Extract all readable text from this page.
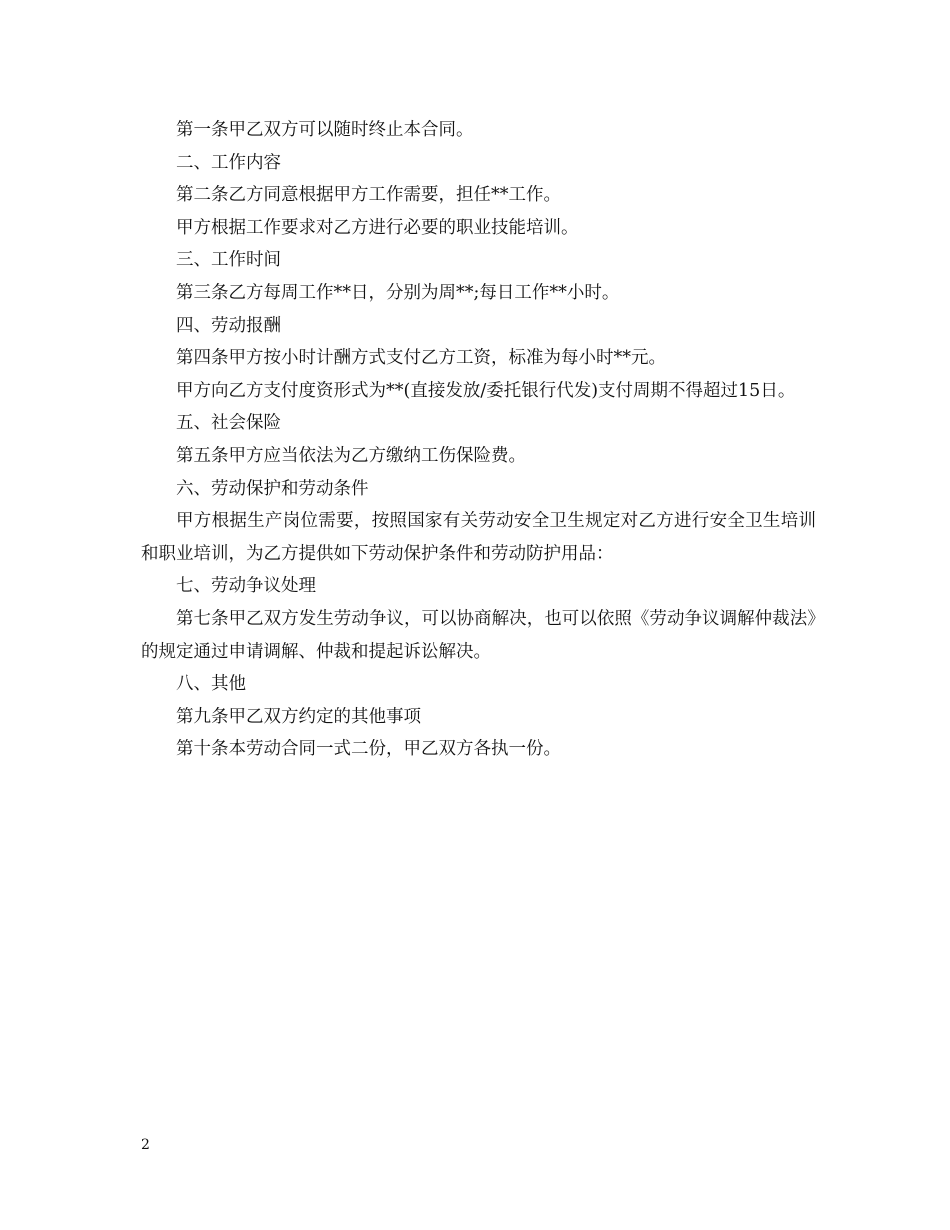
第一条甲乙双方可以随时终止本合同。

二、工作内容

第二条乙方同意根据甲方工作需要，担任**工作。

甲方根据工作要求对乙方进行必要的职业技能培训。

三、工作时间

第三条乙方每周工作**日，分别为周**;每日工作**小时。

四、劳动报酬

第四条甲方按小时计酬方式支付乙方工资，标准为每小时**元。

甲方向乙方支付度资形式为**(直接发放/委托银行代发)支付周期不得超过15日。

五、社会保险

第五条甲方应当依法为乙方缴纳工伤保险费。

六、劳动保护和劳动条件

甲方根据生产岗位需要，按照国家有关劳动安全卫生规定对乙方进行安全卫生培训和职业培训，为乙方提供如下劳动保护条件和劳动防护用品：

七、劳动争议处理

第七条甲乙双方发生劳动争议，可以协商解决，也可以依照《劳动争议调解仲裁法》的规定通过申请调解、仲裁和提起诉讼解决。

八、其他

第九条甲乙双方约定的其他事项

第十条本劳动合同一式二份，甲乙双方各执一份。

2
